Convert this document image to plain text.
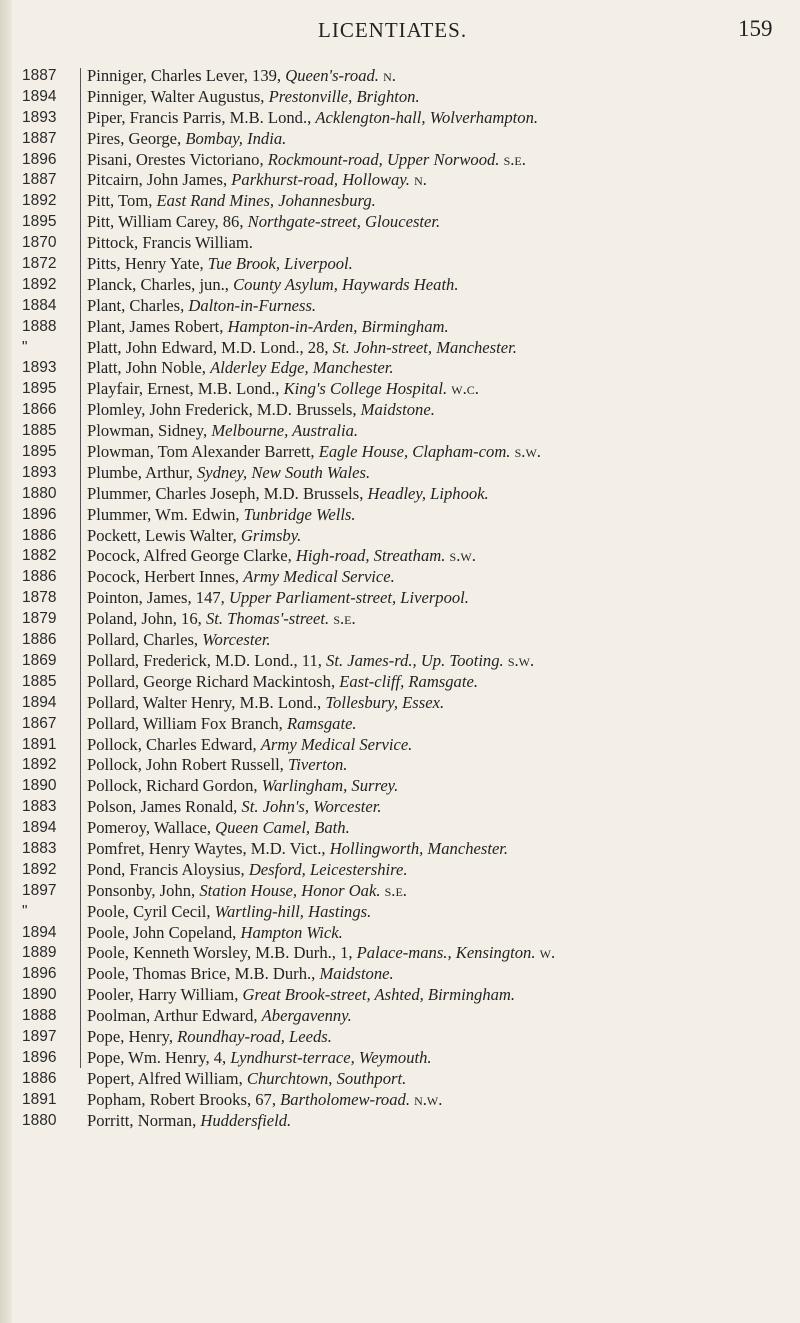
LICENTIATES.	159
1887	Pinniger, Charles Lever, 139, Queen's-road. n.
1894	Pinniger, Walter Augustus, Prestonville, Brighton.
1893	Piper, Francis Parris, M.B. Lond., Acklengton-hall, Wolverhampton.
1887	Pires, George, Bombay, India.
1896	Pisani, Orestes Victoriano, Rockmount-road, Upper Norwood. s.e.
1887	Pitcairn, John James, Parkhurst-road, Holloway. n.
1892	Pitt, Tom, East Rand Mines, Johannesburg.
1895	Pitt, William Carey, 86, Northgate-street, Gloucester.
1870	Pittock, Francis William.
1872	Pitts, Henry Yate, Tue Brook, Liverpool.
1892	Planck, Charles, jun., County Asylum, Haywards Heath.
1884	Plant, Charles, Dalton-in-Furness.
1888	Plant, James Robert, Hampton-in-Arden, Birmingham.
"	Platt, John Edward, M.D. Lond., 28, St. John-street, Manchester.
1893	Platt, John Noble, Alderley Edge, Manchester.
1895	Playfair, Ernest, M.B. Lond., King's College Hospital. w.c.
1866	Plomley, John Frederick, M.D. Brussels, Maidstone.
1885	Plowman, Sidney, Melbourne, Australia.
1895	Plowman, Tom Alexander Barrett, Eagle House, Clapham-com. s.w.
1893	Plumbe, Arthur, Sydney, New South Wales.
1880	Plummer, Charles Joseph, M.D. Brussels, Headley, Liphook.
1896	Plummer, Wm. Edwin, Tunbridge Wells.
1886	Pockett, Lewis Walter, Grimsby.
1882	Pocock, Alfred George Clarke, High-road, Streatham. s.w.
1886	Pocock, Herbert Innes, Army Medical Service.
1878	Pointon, James, 147, Upper Parliament-street, Liverpool.
1879	Poland, John, 16, St. Thomas'-street. s.e.
1886	Pollard, Charles, Worcester.
1869	Pollard, Frederick, M.D. Lond., 11, St. James-rd., Up. Tooting. s.w.
1885	Pollard, George Richard Mackintosh, East-cliff, Ramsgate.
1894	Pollard, Walter Henry, M.B. Lond., Tollesbury, Essex.
1867	Pollard, William Fox Branch, Ramsgate.
1891	Pollock, Charles Edward, Army Medical Service.
1892	Pollock, John Robert Russell, Tiverton.
1890	Pollock, Richard Gordon, Warlingham, Surrey.
1883	Polson, James Ronald, St. John's, Worcester.
1894	Pomeroy, Wallace, Queen Camel, Bath.
1883	Pomfret, Henry Waytes, M.D. Vict., Hollingworth, Manchester.
1892	Pond, Francis Aloysius, Desford, Leicestershire.
1897	Ponsonby, John, Station House, Honor Oak. s.e.
"	Poole, Cyril Cecil, Wartling-hill, Hastings.
1894	Poole, John Copeland, Hampton Wick.
1889	Poole, Kenneth Worsley, M.B. Durh., 1, Palace-mans., Kensington. w.
1896	Poole, Thomas Brice, M.B. Durh., Maidstone.
1890	Pooler, Harry William, Great Brook-street, Ashted, Birmingham.
1888	Poolman, Arthur Edward, Abergavenny.
1897	Pope, Henry, Roundhay-road, Leeds.
1896	Pope, Wm. Henry, 4, Lyndhurst-terrace, Weymouth.
1886	Popert, Alfred William, Churchtown, Southport.
1891	Popham, Robert Brooks, 67, Bartholomew-road. n.w.
1880	Porritt, Norman, Huddersfield.
